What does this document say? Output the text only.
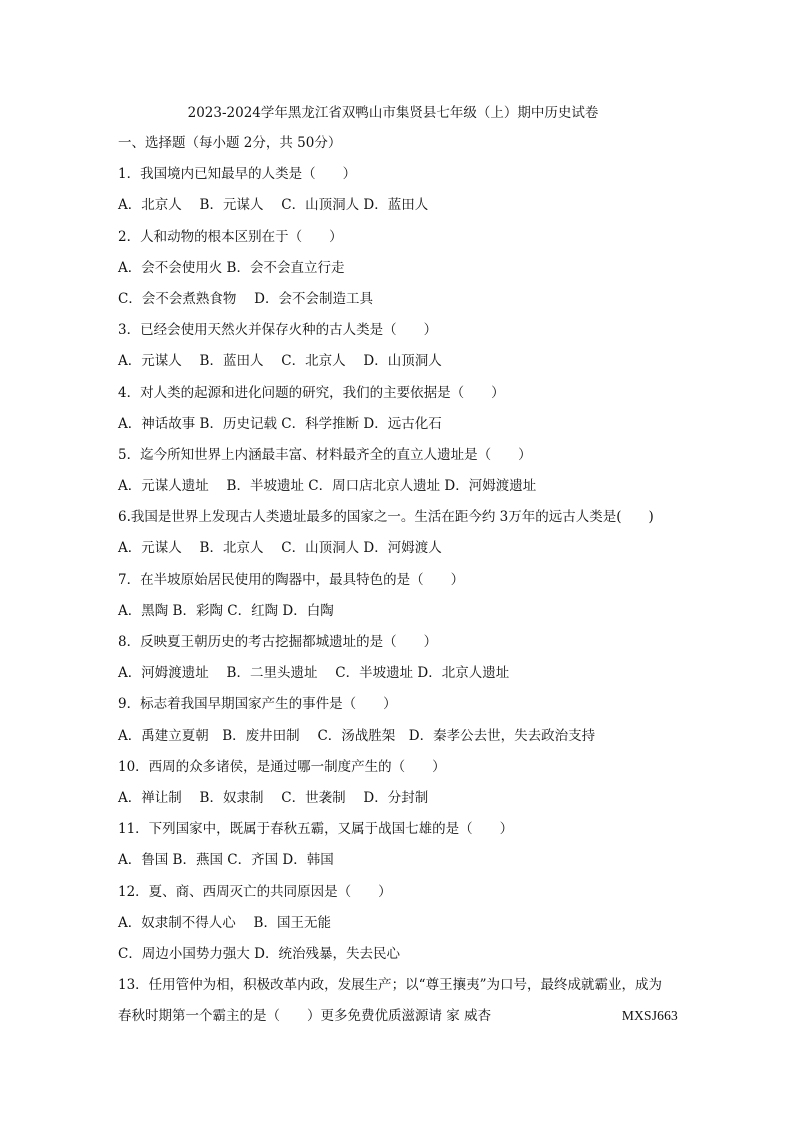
2023-2024学年黑龙江省双鸭山市集贤县七年级（上）期中历史试卷
一、选择题（每小题 2分，共 50分）
1．我国境内已知最早的人类是（　　）
A．北京人　 B．元谋人　 C．山顶洞人 D．蓝田人
2．人和动物的根本区别在于（　　）
A．会不会使用火 B．会不会直立行走
C．会不会煮熟食物　 D．会不会制造工具
3．已经会使用天然火并保存火种的古人类是（　　）
A．元谋人　 B．蓝田人　 C．北京人　 D．山顶洞人
4．对人类的起源和进化问题的研究，我们的主要依据是（　　）
A．神话故事 B．历史记载 C．科学推断 D．远古化石
5．迄今所知世界上内涵最丰富、材料最齐全的直立人遗址是（　　）
A．元谋人遗址　 B．半坡遗址 C．周口店北京人遗址 D．河姆渡遗址
6.我国是世界上发现古人类遗址最多的国家之一。生活在距今约 3万年的远古人类是(　　)
A．元谋人　 B．北京人　 C．山顶洞人 D．河姆渡人
7．在半坡原始居民使用的陶器中，最具特色的是（　　）
A．黑陶 B．彩陶 C．红陶 D．白陶
8．反映夏王朝历史的考古挖掘都城遗址的是（　　）
A．河姆渡遗址　 B．二里头遗址　 C．半坡遗址 D．北京人遗址
9．标志着我国早期国家产生的事件是（　　）
A．禹建立夏朝　B．废井田制　 C．汤战胜架　D．秦孝公去世，失去政治支持
10．西周的众多诸侯，是通过哪一制度产生的（　　）
A．禅让制　 B．奴隶制　 C．世袭制　 D．分封制
11．下列国家中，既属于春秋五霸，又属于战国七雄的是（　　）
A．鲁国 B．燕国 C．齐国 D．韩国
12．夏、商、西周灭亡的共同原因是（　　）
A．奴隶制不得人心　 B．国王无能
C．周边小国势力强大 D．统治残暴，失去民心
13．任用管仲为相，积极改革内政，发展生产；以“尊王攘夷”为口号，最终成就霸业，成为
春秋时期第一个霸主的是（　　）更多免费优质滋源请 家 威杏	MXSJ663
